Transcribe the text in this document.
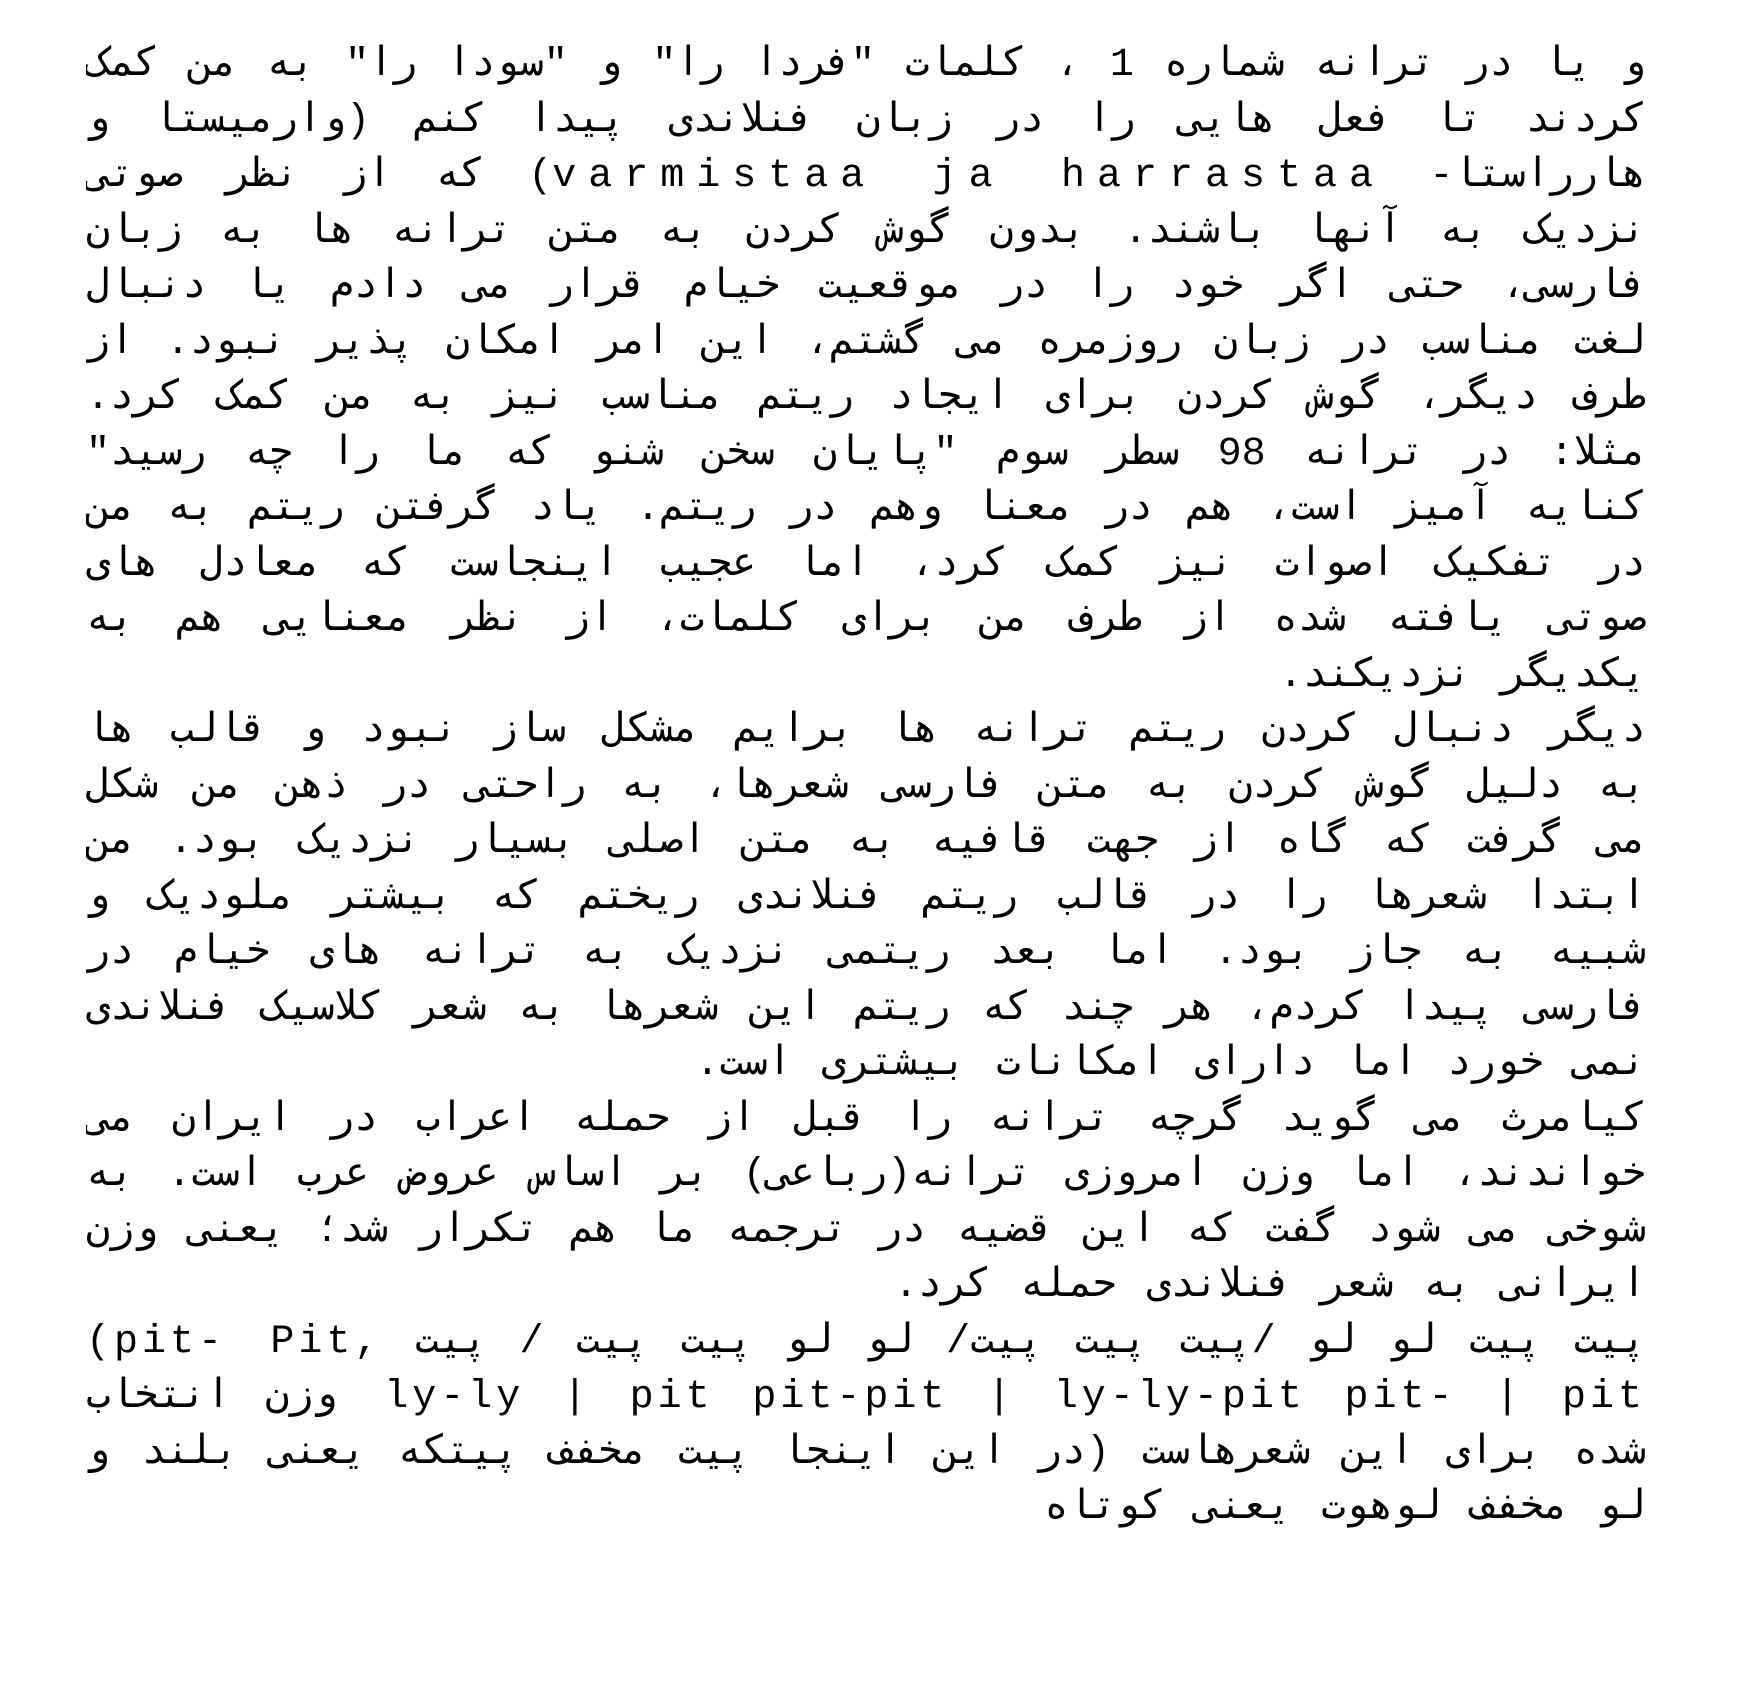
و یا در ترانه شماره 1 ، کلمات "فردا را" و "سودا را" به من کمک کردند تا فعل هایی را در زبان فنلاندی پیدا کنم (وارمیستا و هارراستا- varmistaa ja harrastaa) که از نظر صوتی نزدیک به آنها باشند. بدون گوش کردن به متن ترانه ها به زبان فارسی، حتی اگر خود را در موقعیت خیام قرار می دادم یا دنبال لغت مناسب در زبان روزمره می گشتم، این امر امکان پذیر نبود. از طرف دیگر، گوش کردن برای ایجاد ریتم مناسب نیز به من کمک کرد. مثلا: در ترانه 98 سطر سوم "پایان سخن شنو که ما را چه رسید" کنایه آمیز است، هم در معنا وهم در ریتم. یاد گرفتن ریتم به من در تفکیک اصوات نیز کمک کرد، اما عجیب اینجاست که معادل های صوتی یافته شده از طرف من برای کلمات، از نظر معنایی هم به یکدیگر نزدیکند.

دیگر دنبال کردن ریتم ترانه ها برایم مشکل ساز نبود و قالب ها به دلیل گوش کردن به متن فارسی شعرها، به راحتی در ذهن من شکل می گرفت که گاه از جهت قافیه به متن اصلی بسیار نزدیک بود. من ابتدا شعرها را در قالب ریتم فنلاندی ریختم که بیشتر ملودیک و شبیه به جاز بود. اما بعد ریتمی نزدیک به ترانه های خیام در فارسی پیدا کردم، هر چند که ریتم این شعرها به شعر کلاسیک فنلاندی نمی خورد اما دارای امکانات بیشتری است.

کیامرث می گوید گرچه ترانه را قبل از حمله اعراب در ایران می خواندند، اما وزن امروزی ترانه(رباعی) بر اساس عروض عرب است. به شوخی می شود گفت که این قضیه در ترجمه ما هم تکرار شد؛ یعنی وزن ایرانی به شعر فنلاندی حمله کرد.

پیت پیت لو لو /پیت پیت پیت/ لو لو پیت پیت / پیت Pit, (pit-ly-ly | pit pit-pit | ly-ly-pit pit- | pit وزن انتخاب شده برای این شعرهاست (در این اینجا پیت مخفف پیتکه یعنی بلند و لو مخفف لوهوت یعنی کوتاه
